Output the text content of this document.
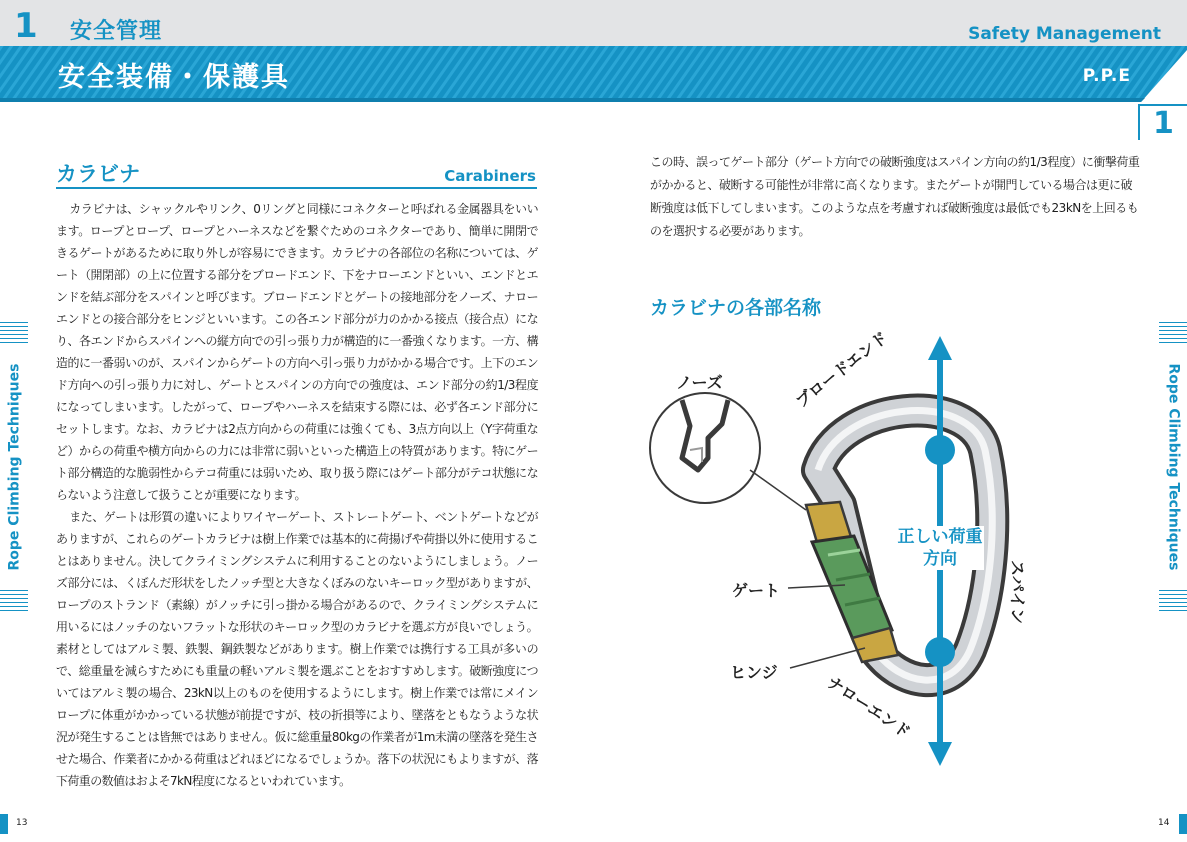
1 安全管理
安全装備・保護具
Safety Management
P.P.E
1
Rope Climbing Techniques	Rope Climbing Techniques
カラビナ	Carabiners

カラビナは、シャックルやリンク、0リングと同様にコネクターと呼ばれる金属器具をいいます。ロープとロープ、ロープとハーネスなどを繋ぐためのコネクターであり、簡単に開閉できるゲートがあるために取り外しが容易にできます。カラビナの各部位の名称については、ゲート（開閉部）の上に位置する部分をブロードエンド、下をナローエンドといい、エンドとエンドを結ぶ部分をスパインと呼びます。ブロードエンドとゲートの接地部分をノーズ、ナローエンドとの接合部分をヒンジといいます。この各エンド部分が力のかかる接点（接合点）になり、各エンドからスパインへの縦方向での引っ張り力が構造的に一番強くなります。一方、構造的に一番弱いのが、スパインからゲートの方向へ引っ張り力がかかる場合です。上下のエンド方向への引っ張り力に対し、ゲートとスパインの方向での強度は、エンド部分の約1/3程度になってしまいます。したがって、ロープやハーネスを結束する際には、必ず各エンド部分にセットします。なお、カラビナは2点方向からの荷重には強くても、3点方向以上（Y字荷重など）からの荷重や横方向からの力には非常に弱いといった構造上の特質があります。特にゲート部分構造的な脆弱性からテコ荷重には弱いため、取り扱う際にはゲート部分がテコ状態にならないよう注意して扱うことが重要になります。

また、ゲートは形質の違いによりワイヤーゲート、ストレートゲート、ベントゲートなどがありますが、これらのゲートカラビナは樹上作業では基本的に荷揚げや荷掛以外に使用することはありません。決してクライミングシステムに利用することのないようにしましょう。ノーズ部分には、くぼんだ形状をしたノッチ型と大きなくぼみのないキーロック型がありますが、ロープのストランド（素線）がノッチに引っ掛かる場合があるので、クライミングシステムに用いるにはノッチのないフラットな形状のキーロック型のカラビナを選ぶ方が良いでしょう。素材としてはアルミ製、鉄製、鋼鉄製などがあります。樹上作業では携行する工具が多いので、総重量を減らすためにも重量の軽いアルミ製を選ぶことをおすすめします。破断強度についてはアルミ製の場合、23kN以上のものを使用するようにします。樹上作業では常にメインロープに体重がかかっている状態が前提ですが、枝の折損等により、墜落をともなうような状況が発生することは皆無ではありません。仮に総重量80kgの作業者が1m未満の墜落を発生させた場合、作業者にかかる荷重はどれほどになるでしょうか。落下の状況にもよりますが、落下荷重の数値はおよそ7kN程度になるといわれています。

この時、誤ってゲート部分（ゲート方向での破断強度はスパイン方向の約1/3程度）に衝撃荷重がかかると、破断する可能性が非常に高くなります。またゲートが開門している場合は更に破断強度は低下してしまいます。このような点を考慮すれば破断強度は最低でも23kNを上回るものを選択する必要があります。
カラビナの各部名称
ノーズ	ブロードエンド
スパイン
ゲート
ヒンジ	ナローエンド
正しい荷重方向
13	14
